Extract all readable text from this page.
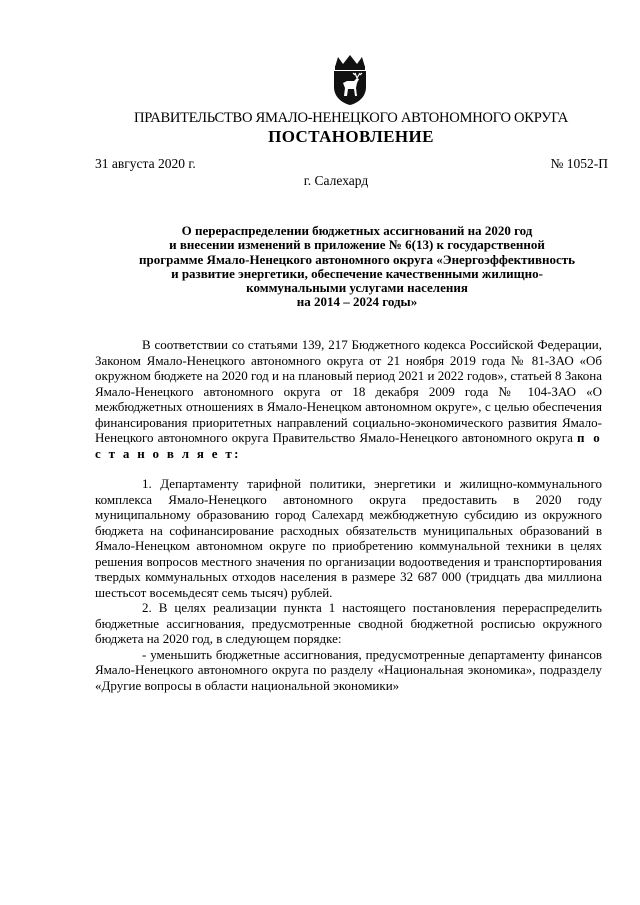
ПРАВИТЕЛЬСТВО ЯМАЛО-НЕНЕЦКОГО АВТОНОМНОГО ОКРУГА
ПОСТАНОВЛЕНИЕ
31 августа 2020 г.	№ 1052-П
г. Салехард
О перераспределении бюджетных ассигнований на 2020 год
и внесении изменений в приложение № 6(13) к государственной
программе Ямало-Ненецкого автономного округа «Энергоэффективность
и развитие энергетики, обеспечение качественными жилищно-
коммунальными услугами населения
на 2014 – 2024 годы»

В соответствии со статьями 139, 217 Бюджетного кодекса Российской Федерации, Законом Ямало-Ненецкого автономного округа от 21 ноября 2019 года № 81-ЗАО «Об окружном бюджете на 2020 год и на плановый период 2021 и 2022 годов», статьей 8 Закона Ямало-Ненецкого автономного округа от 18 декабря 2009 года № 104-ЗАО «О межбюджетных отношениях в Ямало-Ненецком автономном округе», с целью обеспечения финансирования приоритетных направлений социально-экономического развития Ямало-Ненецкого автономного округа Правительство Ямало-Ненецкого автономного округа п о с т а н о в л я е т:

1. Департаменту тарифной политики, энергетики и жилищно-коммунального комплекса Ямало-Ненецкого автономного округа предоставить в 2020 году муниципальному образованию город Салехард межбюджетную субсидию из окружного бюджета на софинансирование расходных обязательств муниципальных образований в Ямало-Ненецком автономном округе по приобретению коммунальной техники в целях решения вопросов местного значения по организации водоотведения и транспортирования твердых коммунальных отходов населения в размере 32 687 000 (тридцать два миллиона шестьсот восемьдесят семь тысяч) рублей.

2. В целях реализации пункта 1 настоящего постановления перераспределить бюджетные ассигнования, предусмотренные сводной бюджетной росписью окружного бюджета на 2020 год, в следующем порядке:

- уменьшить бюджетные ассигнования, предусмотренные департаменту финансов Ямало-Ненецкого автономного округа по разделу «Национальная экономика», подразделу «Другие вопросы в области национальной экономики»
